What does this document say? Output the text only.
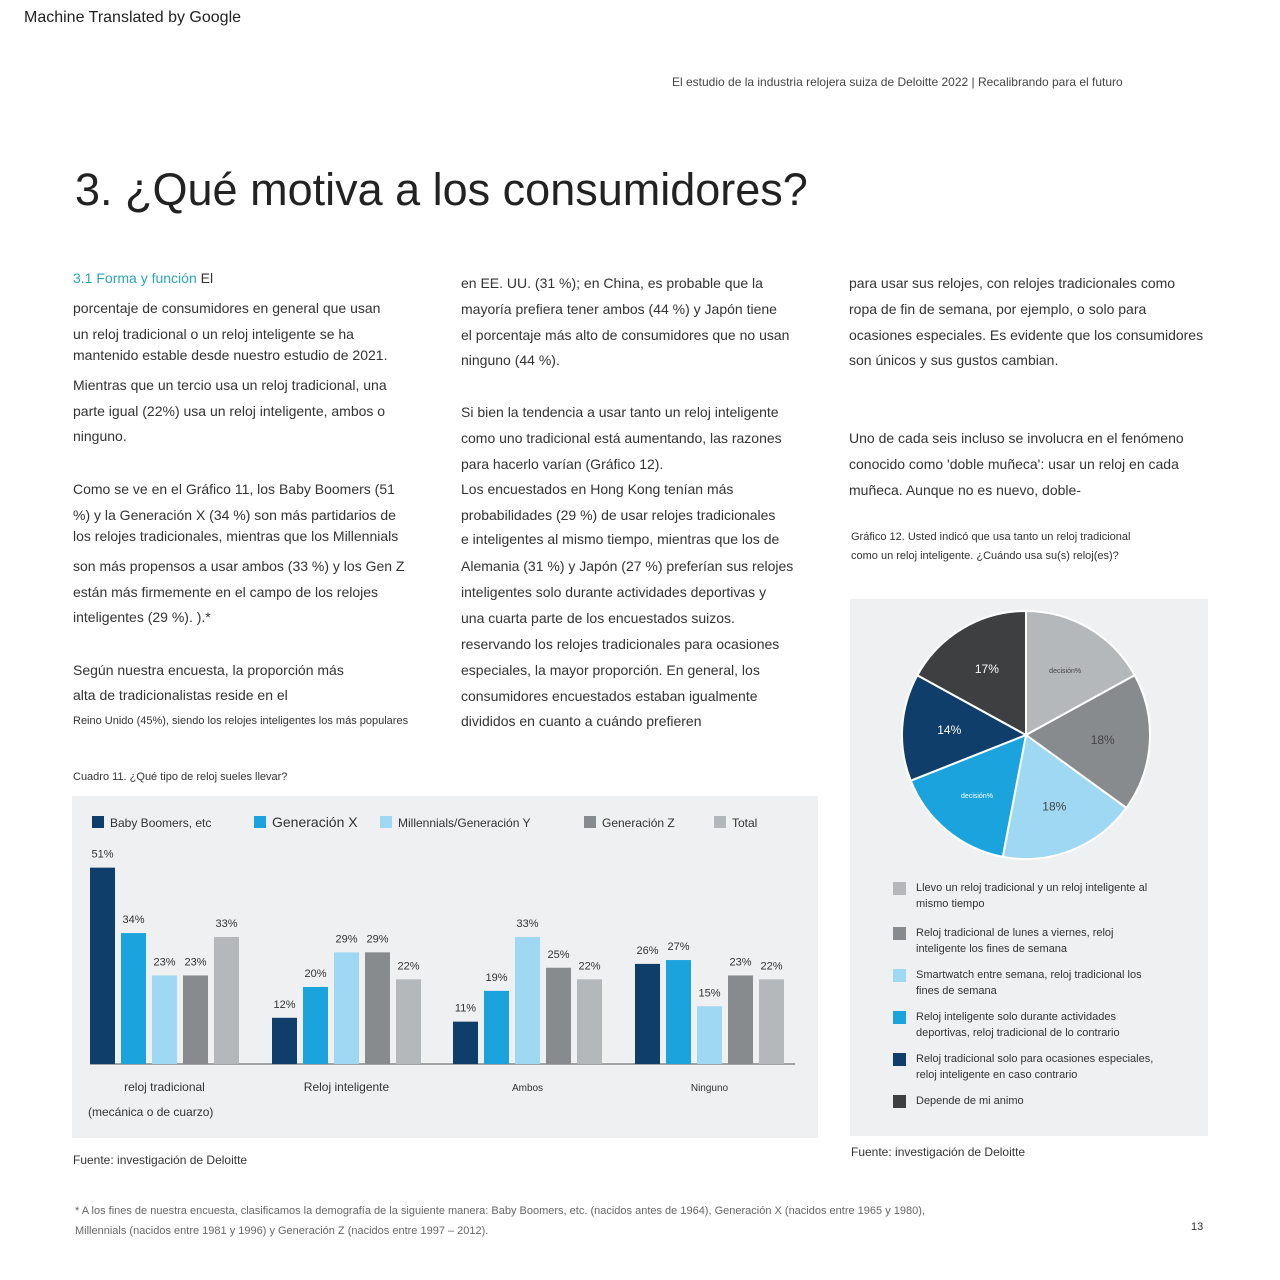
Machine Translated by Google
El estudio de la industria relojera suiza de Deloitte 2022 | Recalibrando para el futuro
3. ¿Qué motiva a los consumidores?
3.1 Forma y función El
porcentaje de consumidores en general que usan
un reloj tradicional o un reloj inteligente se ha
mantenido estable desde nuestro estudio de 2021.
Mientras que un tercio usa un reloj tradicional, una
parte igual (22%) usa un reloj inteligente, ambos o
ninguno.
Como se ve en el Gráfico 11, los Baby Boomers (51
%) y la Generación X (34 %) son más partidarios de
los relojes tradicionales, mientras que los Millennials
son más propensos a usar ambos (33 %) y los Gen Z
están más firmemente en el campo de los relojes
inteligentes (29 %). ).*
Según nuestra encuesta, la proporción más
alta de tradicionalistas reside en el
Reino Unido (45%), siendo los relojes inteligentes los más populares
en EE. UU. (31 %); en China, es probable que la
mayoría prefiera tener ambos (44 %) y Japón tiene
el porcentaje más alto de consumidores que no usan
ninguno (44 %).
Si bien la tendencia a usar tanto un reloj inteligente
como uno tradicional está aumentando, las razones
para hacerlo varían (Gráfico 12).
Los encuestados en Hong Kong tenían más
probabilidades (29 %) de usar relojes tradicionales
e inteligentes al mismo tiempo, mientras que los de
Alemania (31 %) y Japón (27 %) preferían sus relojes
inteligentes solo durante actividades deportivas y
una cuarta parte de los encuestados suizos.
reservando los relojes tradicionales para ocasiones
especiales, la mayor proporción. En general, los
consumidores encuestados estaban igualmente
divididos en cuanto a cuándo prefieren
para usar sus relojes, con relojes tradicionales como
ropa de fin de semana, por ejemplo, o solo para
ocasiones especiales. Es evidente que los consumidores
son únicos y sus gustos cambian.
Uno de cada seis incluso se involucra en el fenómeno
conocido como 'doble muñeca': usar un reloj en cada
muñeca. Aunque no es nuevo, doble-
Cuadro 11. ¿Qué tipo de reloj sueles llevar?
Baby Boomers, etc	Generación X	Millennials/Generación Y	Generación Z	Total
51%
34%
23% 23%
33%
reloj tradicional
12%
20%
29% 29%
22%
Reloj inteligente
11%
19%
33%
25%
22%
Ambos
26% 27%
15%
23% 22%
Ninguno
(mecánica o de cuarzo)
Fuente: investigación de Deloitte
Gráfico 12. Usted indicó que usa tanto un reloj tradicional
como un reloj inteligente. ¿Cuándo usa su(s) reloj(es)?
decisión%
18%
18%
decisión%
14%
17%
Llevo un reloj tradicional y un reloj inteligente al mismo tiempo
Reloj tradicional de lunes a viernes, reloj inteligente los fines de semana
Smartwatch entre semana, reloj tradicional los fines de semana
Reloj inteligente solo durante actividades deportivas, reloj tradicional de lo contrario
Reloj tradicional solo para ocasiones especiales, reloj inteligente en caso contrario
Depende de mi animo
Fuente: investigación de Deloitte
* A los fines de nuestra encuesta, clasificamos la demografía de la siguiente manera: Baby Boomers, etc. (nacidos antes de 1964), Generación X (nacidos entre 1965 y 1980), Millennials (nacidos entre 1981 y 1996) y Generación Z (nacidos entre 1997 – 2012).	13
